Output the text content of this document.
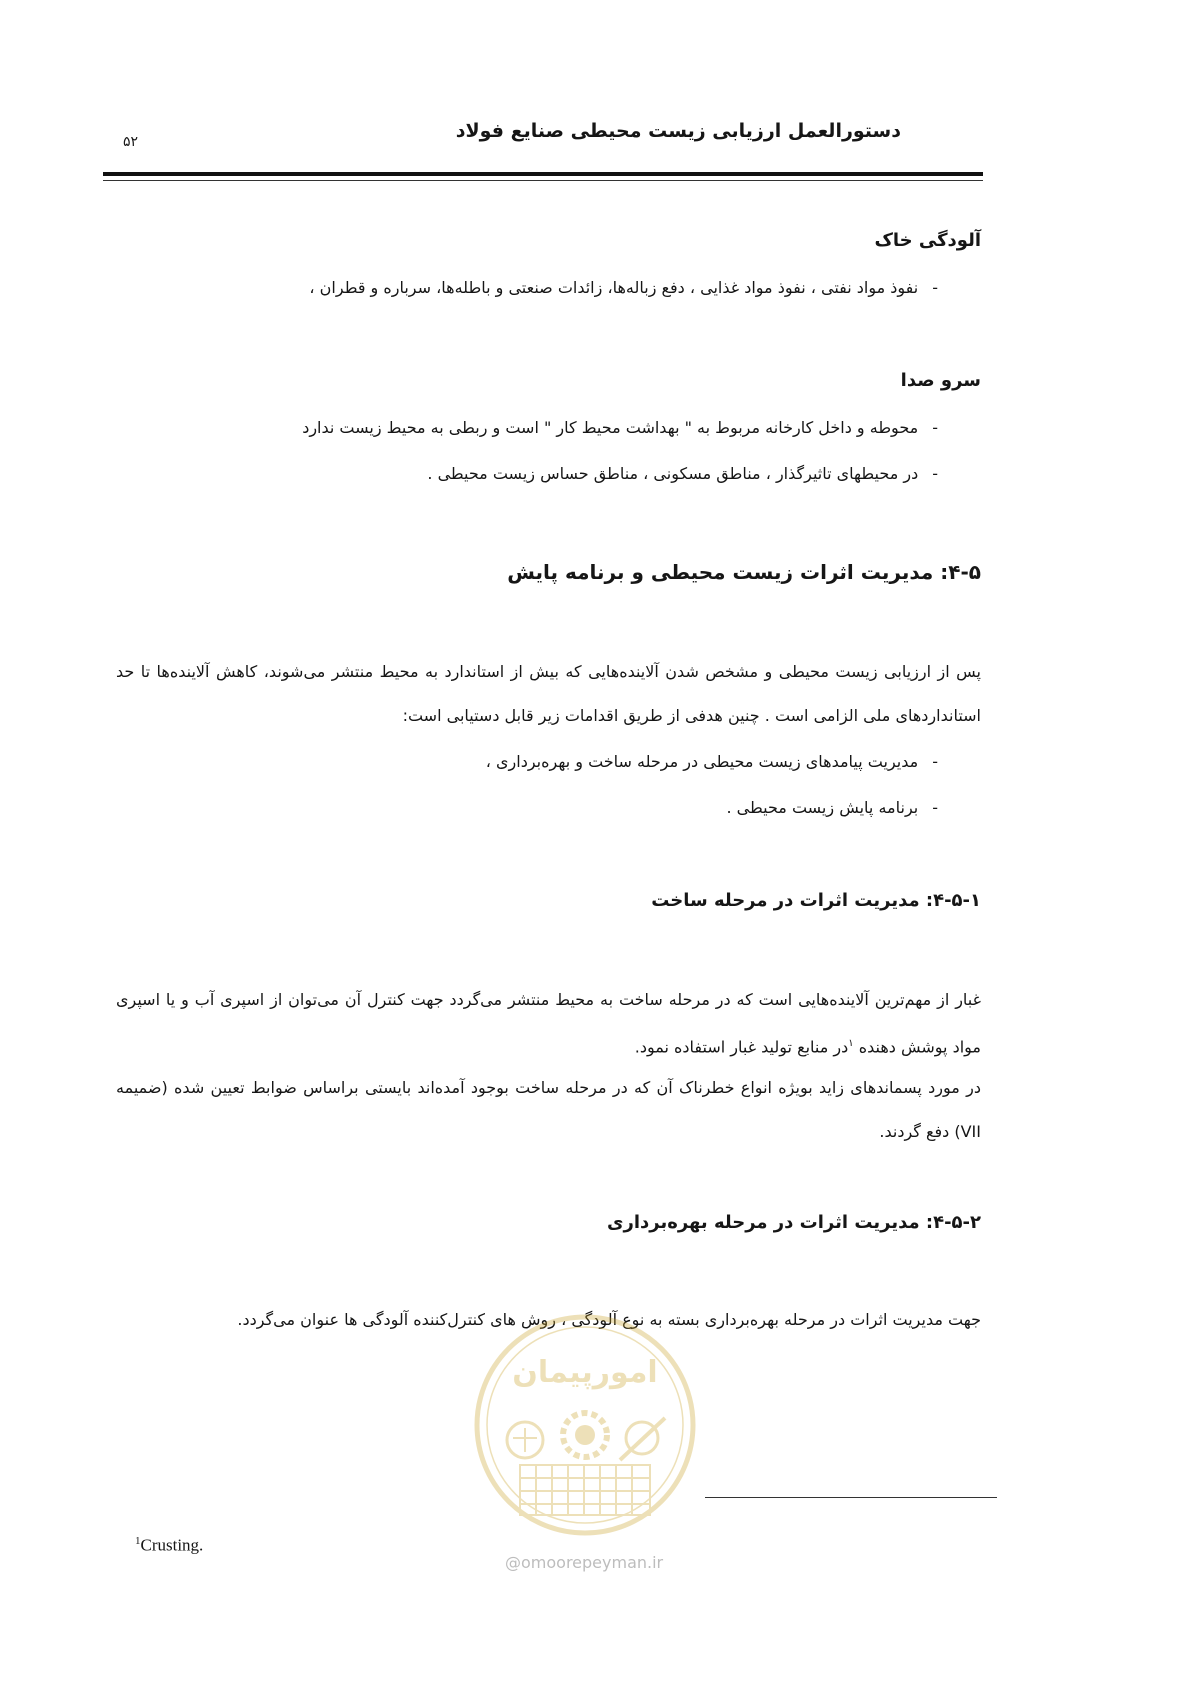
دستورالعمل ارزیابی زیست محیطی صنایع فولاد
۵۲
آلودگی خاک
-نفوذ مواد نفتی ، نفوذ مواد غذایی ، دفع زباله‌ها، زائدات صنعتی و باطله‌ها، سرباره و قطران ،
سرو صدا
-محوطه و داخل کارخانه مربوط به " بهداشت محیط کار " است و ربطی به محیط زیست ندارد
-در محیطهای تاثیرگذار ، مناطق مسکونی ، مناطق حساس زیست محیطی .
۴-۵: مدیریت اثرات زیست محیطی و برنامه پایش
پس از ارزیابی زیست محیطی و مشخص شدن آلاینده‌هایی که بیش از استاندارد به محیط منتشر می‌شوند، کاهش آلاینده‌ها تا حد استانداردهای ملی الزامی است . چنین هدفی از طریق اقدامات زیر قابل دستیابی است:
-مدیریت پیامدهای زیست محیطی در مرحله ساخت و بهره‌برداری ،
-برنامه پایش زیست محیطی .
۴-۵-۱: مدیریت اثرات در مرحله ساخت
غبار از مهم‌ترین آلاینده‌هایی است که در مرحله ساخت به محیط منتشر می‌گردد جهت کنترل آن می‌توان از اسپری آب و یا اسپری مواد پوشش دهنده $^۱$در منابع تولید غبار استفاده نمود.
در مورد پسماندهای زاید بویژه انواع خطرناک آن که در مرحله ساخت بوجود آمده‌اند بایستی براساس ضوابط تعیین شده (ضمیمه VII) دفع گردند.
۴-۵-۲: مدیریت اثرات در مرحله بهره‌برداری
جهت مدیریت اثرات در مرحله بهره‌برداری بسته به نوع آلودگی ، روش های کنترل‌کننده آلودگی ها عنوان می‌گردد.
امورپیمان
@omoorepeyman.ir
$^1$Crusting.
